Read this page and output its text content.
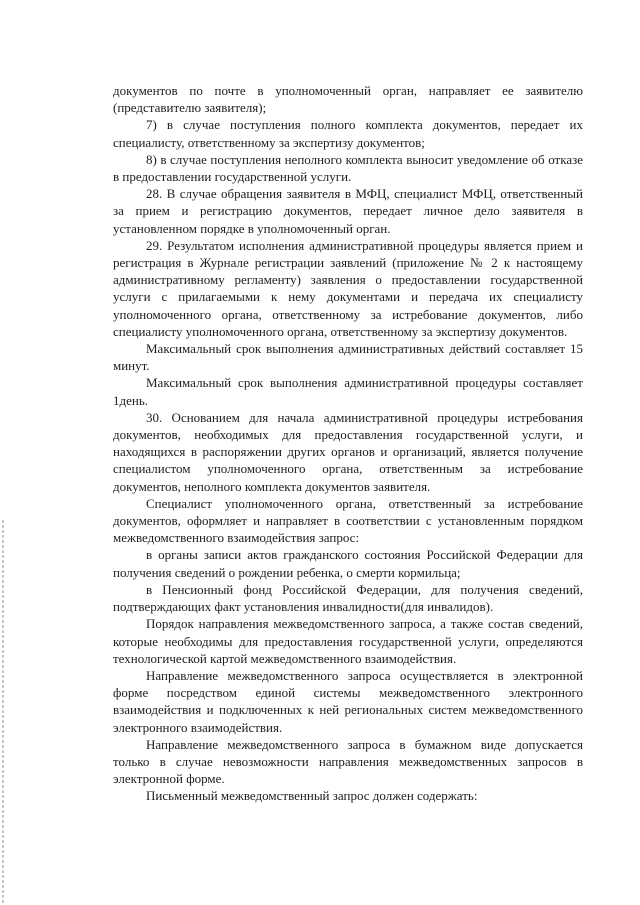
документов по почте в уполномоченный орган, направляет ее заявителю (представителю заявителя);

7) в случае поступления полного комплекта документов, передает их специалисту, ответственному за экспертизу документов;

8) в случае поступления неполного комплекта выносит уведомление об отказе в предоставлении государственной услуги.

28. В случае обращения заявителя в МФЦ, специалист МФЦ, ответственный за прием и регистрацию документов, передает личное дело заявителя в установленном порядке в уполномоченный орган.

29. Результатом исполнения административной процедуры является прием и регистрация в Журнале регистрации заявлений (приложение № 2 к настоящему административному регламенту) заявления о предоставлении государственной услуги с прилагаемыми к нему документами и передача их специалисту уполномоченного органа, ответственному за истребование документов, либо специалисту уполномоченного органа, ответственному за экспертизу документов.

Максимальный срок выполнения административных действий составляет 15 минут.

Максимальный срок выполнения административной процедуры составляет 1день.

30. Основанием для начала административной процедуры истребования документов, необходимых для предоставления государственной услуги, и находящихся в распоряжении других органов и организаций, является получение специалистом уполномоченного органа, ответственным за истребование документов, неполного комплекта документов заявителя.

Специалист уполномоченного органа, ответственный за истребование документов, оформляет и направляет в соответствии с установленным порядком межведомственного взаимодействия запрос:

в органы записи актов гражданского состояния Российской Федерации для получения сведений о рождении ребенка, о смерти кормильца;

в Пенсионный фонд Российской Федерации, для получения сведений, подтверждающих факт установления инвалидности(для инвалидов).

Порядок направления межведомственного запроса, а также состав сведений, которые необходимы для предоставления государственной услуги, определяются технологической картой межведомственного взаимодействия.

Направление межведомственного запроса осуществляется в электронной форме посредством единой системы межведомственного электронного взаимодействия и подключенных к ней региональных систем межведомственного электронного взаимодействия.

Направление межведомственного запроса в бумажном виде допускается только в случае невозможности направления межведомственных запросов в электронной форме.

Письменный межведомственный запрос должен содержать:
